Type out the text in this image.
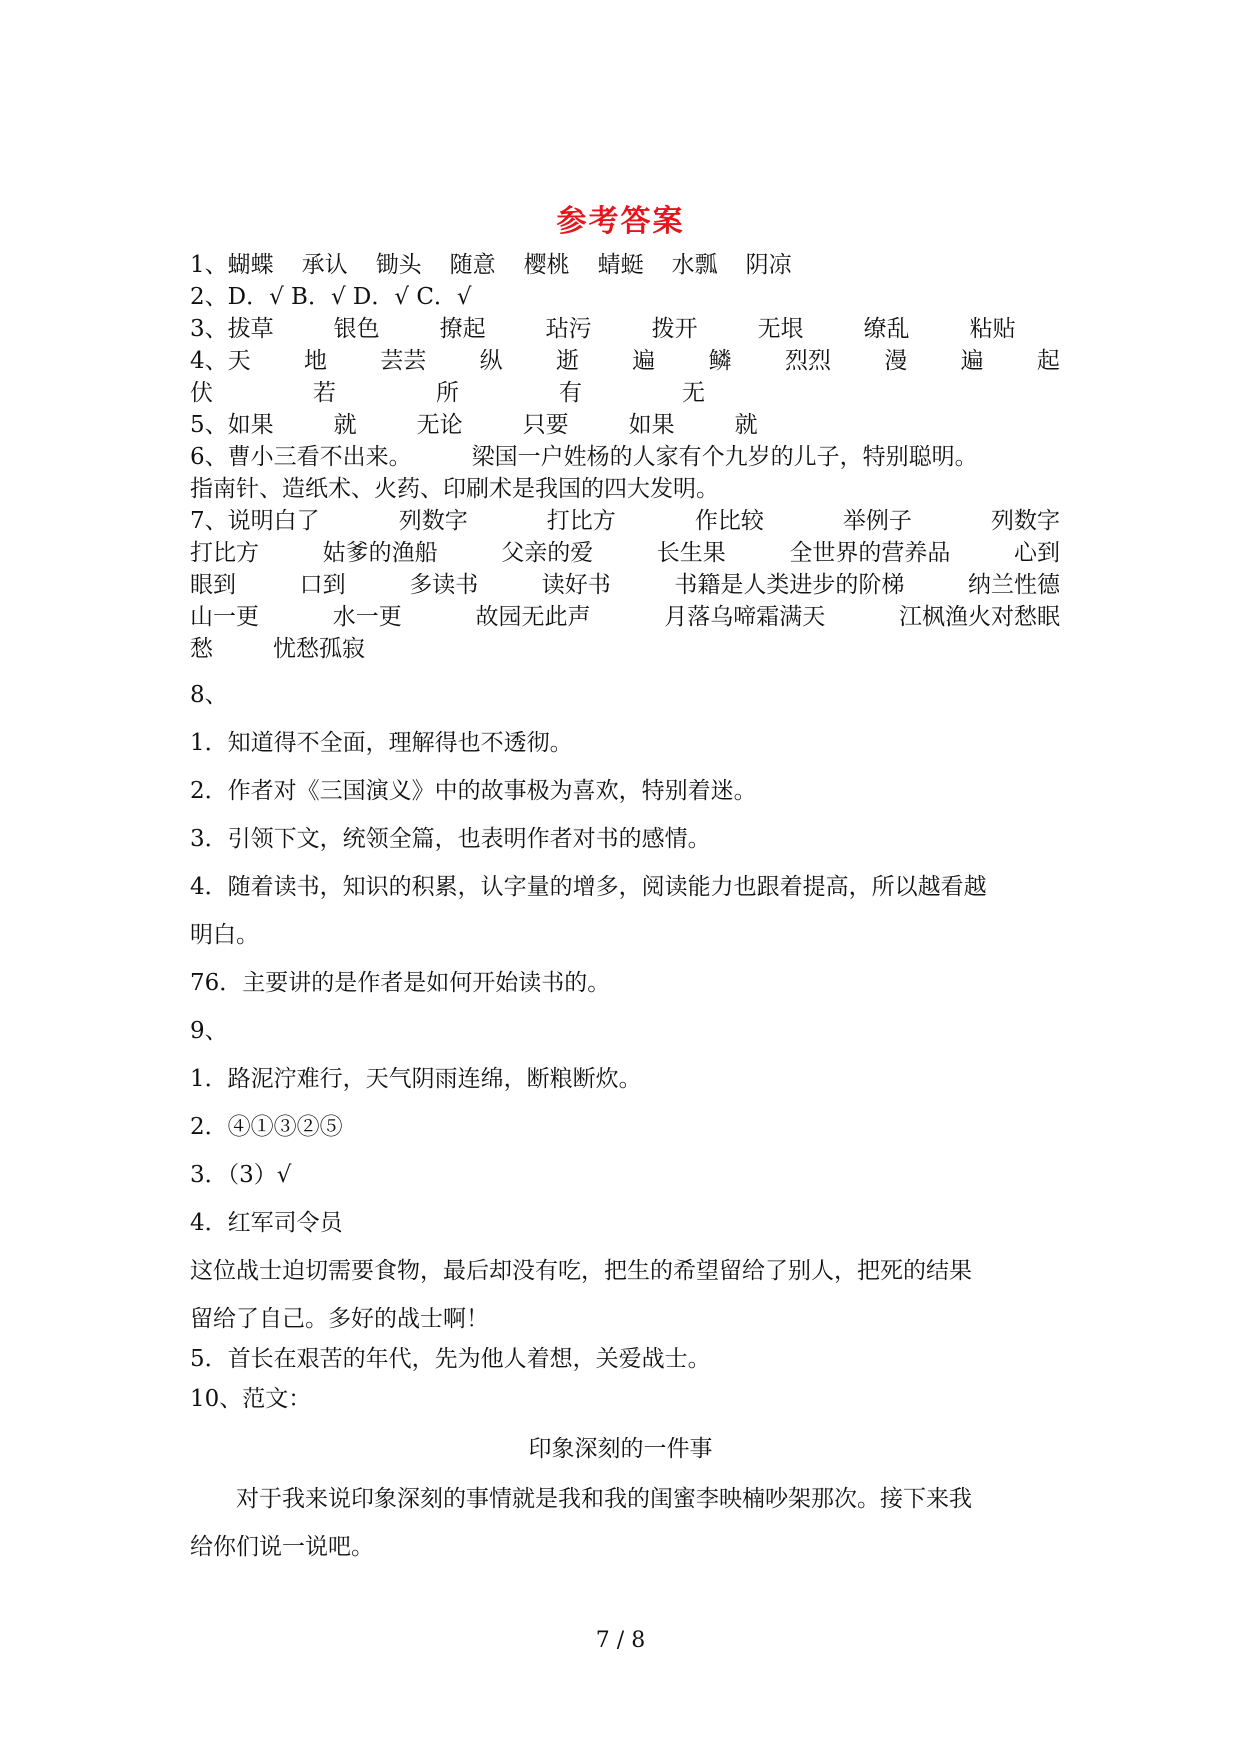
参考答案
1、蝴蝶 承认 锄头 随意 樱桃 蜻蜓 水瓢 阴凉
2、D．√ B．√ D．√ C．√
3、拔草	银色	撩起	玷污	拨开	无垠	缭乱	粘贴
4、天 地 芸芸 纵 逝 遍 鳞 烈烈 漫 遍 起
伏	若	所	有	无
5、如果	就	无论	只要	如果	就
6、曹小三看不出来。	梁国一户姓杨的人家有个九岁的儿子，特别聪明。
指南针、造纸术、火药、印刷术是我国的四大发明。
7、说明白了	列数字	打比方	作比较	举例子	列数字
打比方	姑爹的渔船	父亲的爱	长生果	全世界的营养品	心到
眼到	口到	多读书	读好书	书籍是人类进步的阶梯	纳兰性德
山一更	水一更	故园无此声	月落乌啼霜满天	江枫渔火对愁眠
愁	忧愁孤寂
8、
1．知道得不全面，理解得也不透彻。
2．作者对《三国演义》中的故事极为喜欢，特别着迷。
3．引领下文，统领全篇，也表明作者对书的感情。
4．随着读书，知识的积累，认字量的增多，阅读能力也跟着提高，所以越看越
明白。
76．主要讲的是作者是如何开始读书的。
9、
1．路泥泞难行，天气阴雨连绵，断粮断炊。
2．④①③②⑤
3．（3）√
4．红军司令员
这位战士迫切需要食物，最后却没有吃，把生的希望留给了别人，把死的结果
留给了自己。多好的战士啊！
5．首长在艰苦的年代，先为他人着想，关爱战士。
10、范文：
印象深刻的一件事
对于我来说印象深刻的事情就是我和我的闺蜜李映楠吵架那次。接下来我
给你们说一说吧。
7 / 8
